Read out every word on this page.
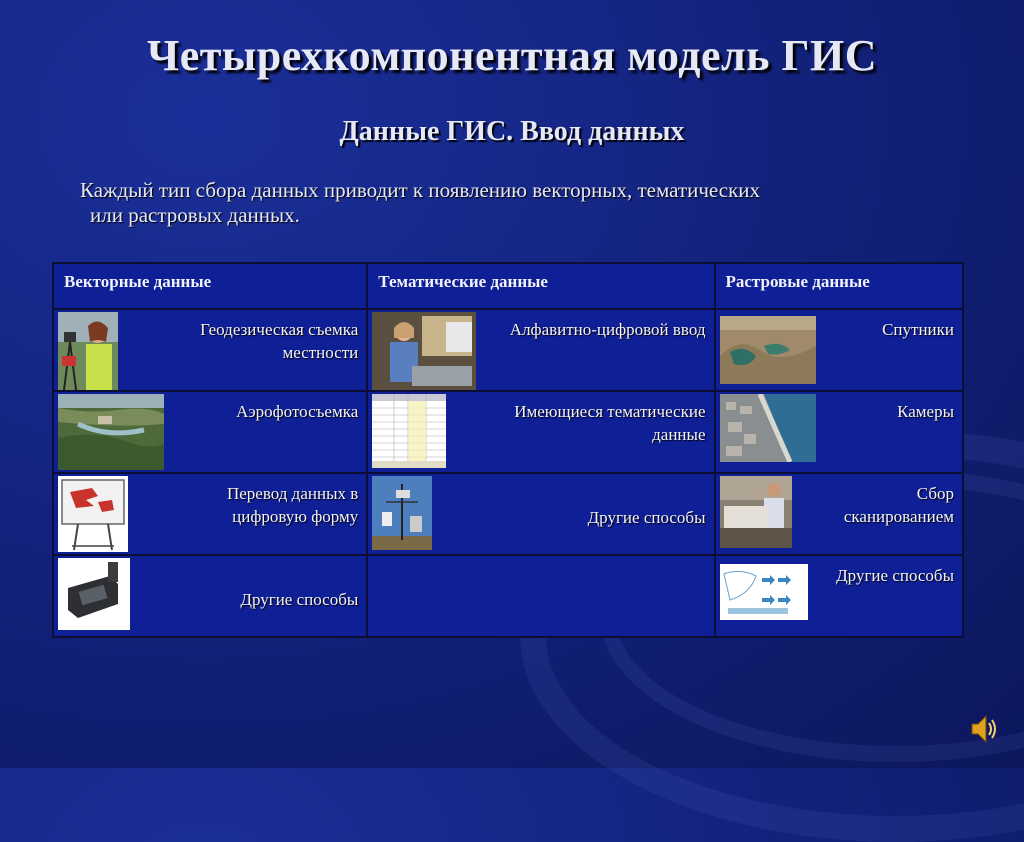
Четырехкомпонентная модель ГИС
Данные ГИС. Ввод данных
Каждый тип сбора данных приводит к появлению векторных, тематических
или растровых данных.
Векторные данные	Тематические данные	Растровые данные

Геодезическая съемка местности	Алфавитно-цифровой ввод	Спутники

Аэрофотосъемка	Имеющиеся тематические данные	Камеры

Перевод данных в цифровую форму	Другие способы	Сбор сканированием

Другие способы		Другие способы
